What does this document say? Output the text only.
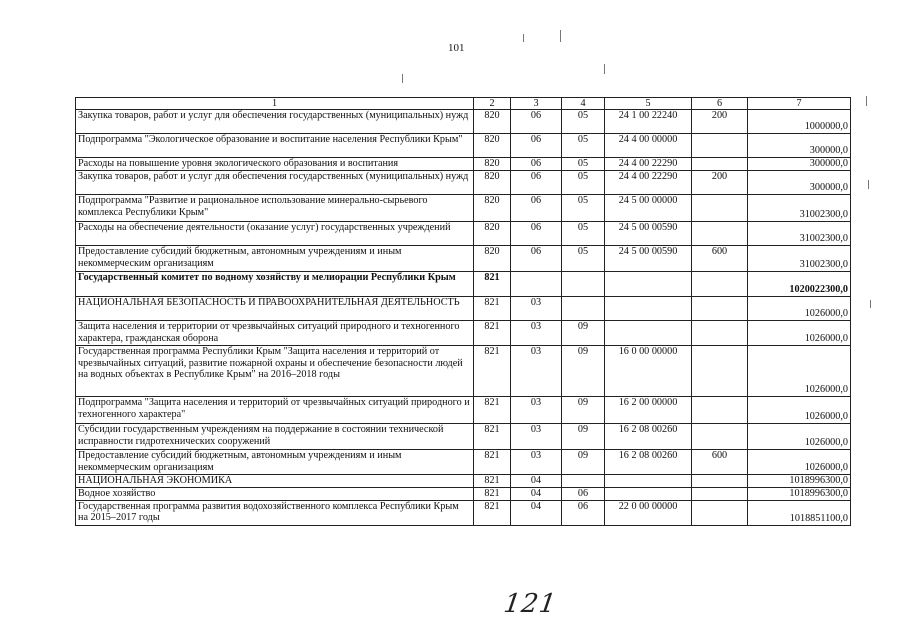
101
1	2	3	4	5	6	7
Закупка товаров, работ и услуг для обеспечения государственных (муниципальных) нужд	820	06	05	24 1 00 22240	200	1000000,0
Подпрограмма "Экологическое образование и воспитание населения Республики Крым"	820	06	05	24 4 00 00000		300000,0
Расходы на повышение уровня экологического образования и воспитания	820	06	05	24 4 00 22290		300000,0
Закупка товаров, работ и услуг для обеспечения государственных (муниципальных) нужд	820	06	05	24 4 00 22290	200	300000,0
Подпрограмма "Развитие и рациональное использование минерально-сырьевого комплекса Республики Крым"	820	06	05	24 5 00 00000		31002300,0
Расходы на обеспечение деятельности (оказание услуг) государственных учреждений	820	06	05	24 5 00 00590		31002300,0
Предоставление субсидий бюджетным, автономным учреждениям и иным некоммерческим организациям	820	06	05	24 5 00 00590	600	31002300,0
Государственный комитет по водному хозяйству и мелиорации Республики Крым	821					1020022300,0
НАЦИОНАЛЬНАЯ БЕЗОПАСНОСТЬ И ПРАВООХРАНИТЕЛЬНАЯ ДЕЯТЕЛЬНОСТЬ	821	03				1026000,0
Защита населения и территории от чрезвычайных ситуаций природного и техногенного характера, гражданская оборона	821	03	09			1026000,0
Государственная программа Республики Крым "Защита населения и территорий от чрезвычайных ситуаций, развитие пожарной охраны и обеспечение безопасности людей на водных объектах в Республике Крым" на 2016–2018 годы	821	03	09	16 0 00 00000		1026000,0
Подпрограмма "Защита населения и территорий от чрезвычайных ситуаций природного и техногенного характера"	821	03	09	16 2 00 00000		1026000,0
Субсидии государственным учреждениям на поддержание в состоянии технической исправности гидротехнических сооружений	821	03	09	16 2 08 00260		1026000,0
Предоставление субсидий бюджетным, автономным учреждениям и иным некоммерческим организациям	821	03	09	16 2 08 00260	600	1026000,0
НАЦИОНАЛЬНАЯ ЭКОНОМИКА	821	04				1018996300,0
Водное хозяйство	821	04	06			1018996300,0
Государственная программа развития водохозяйственного комплекса Республики Крым на 2015–2017 годы	821	04	06	22 0 00 00000		1018851100,0
121
